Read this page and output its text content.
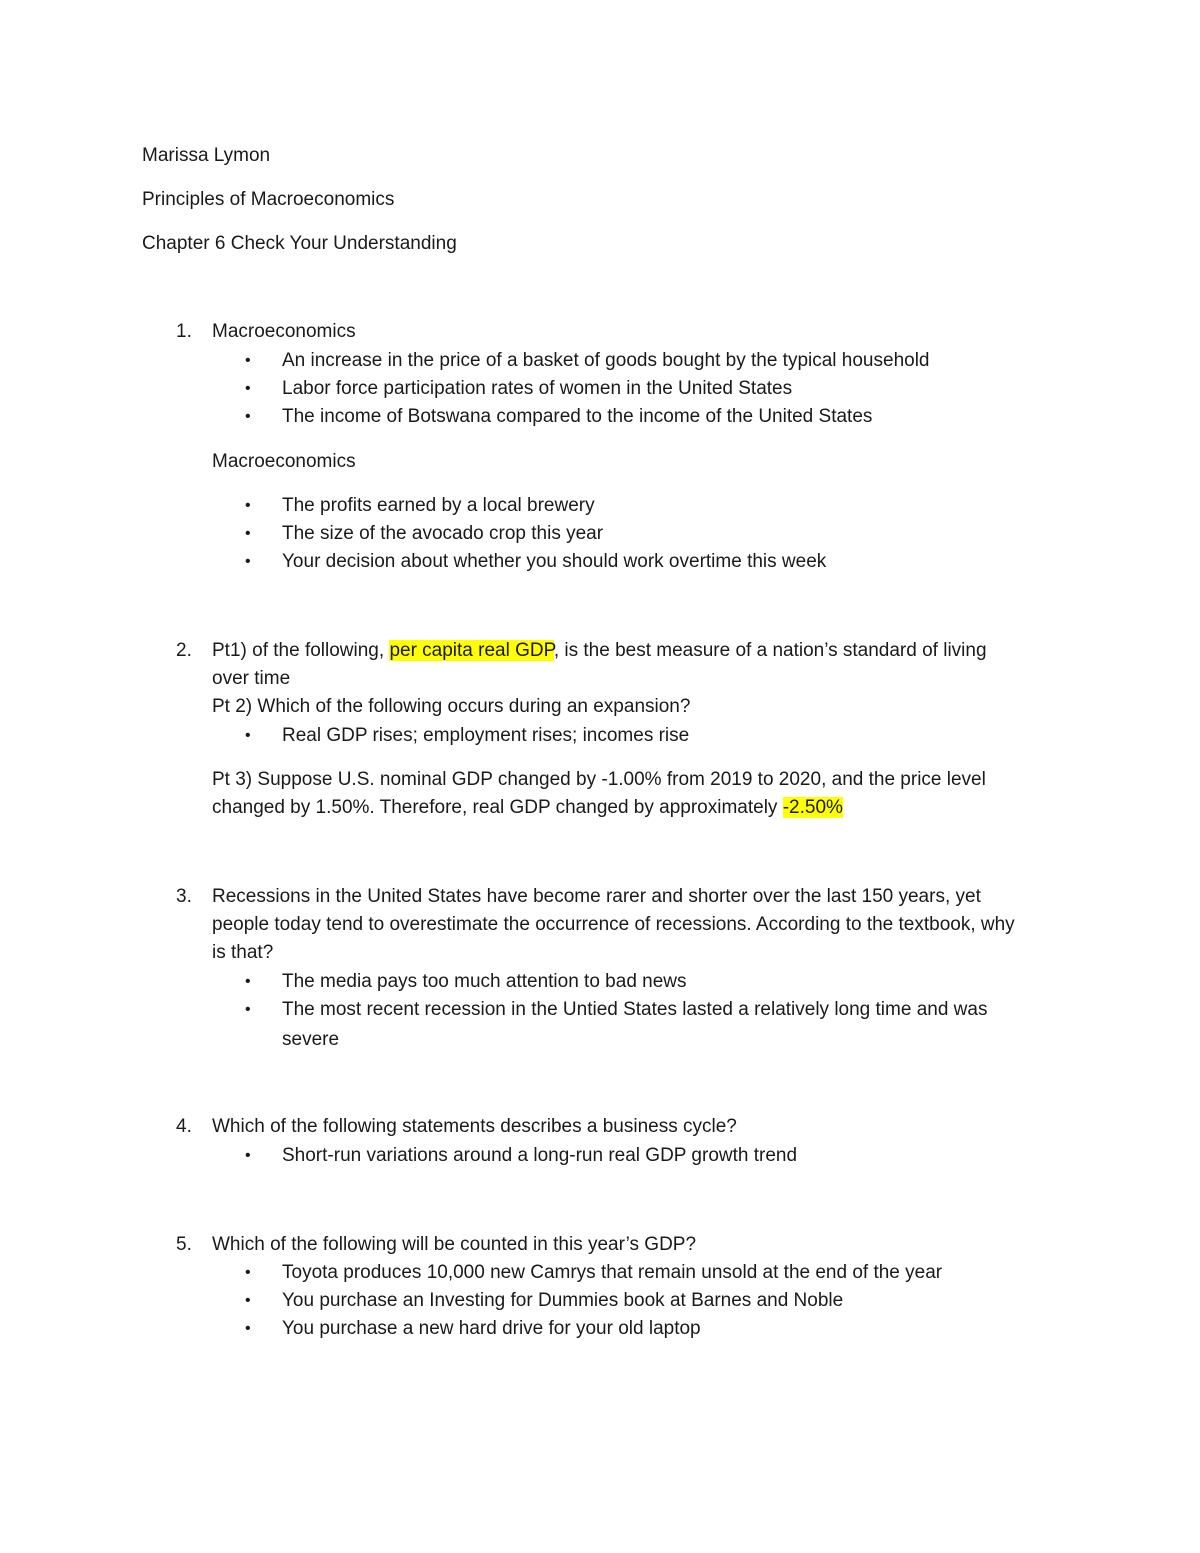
Marissa Lymon

Principles of Macroeconomics

Chapter 6 Check Your Understanding

1. Macroeconomics

• An increase in the price of a basket of goods bought by the typical household

• Labor force participation rates of women in the United States

• The income of Botswana compared to the income of the United States

Macroeconomics

• The profits earned by a local brewery

• The size of the avocado crop this year

• Your decision about whether you should work overtime this week

2. Pt1) of the following, per capita real GDP, is the best measure of a nation’s standard of living

over time

Pt 2) Which of the following occurs during an expansion?

• Real GDP rises; employment rises; incomes rise

Pt 3) Suppose U.S. nominal GDP changed by -1.00% from 2019 to 2020, and the price level

changed by 1.50%. Therefore, real GDP changed by approximately -2.50%

3. Recessions in the United States have become rarer and shorter over the last 150 years, yet

people today tend to overestimate the occurrence of recessions. According to the textbook, why

is that?

• The media pays too much attention to bad news

• The most recent recession in the Untied States lasted a relatively long time and was

severe

4. Which of the following statements describes a business cycle?

• Short-run variations around a long-run real GDP growth trend

5. Which of the following will be counted in this year’s GDP?

• Toyota produces 10,000 new Camrys that remain unsold at the end of the year

• You purchase an Investing for Dummies book at Barnes and Noble

• You purchase a new hard drive for your old laptop
